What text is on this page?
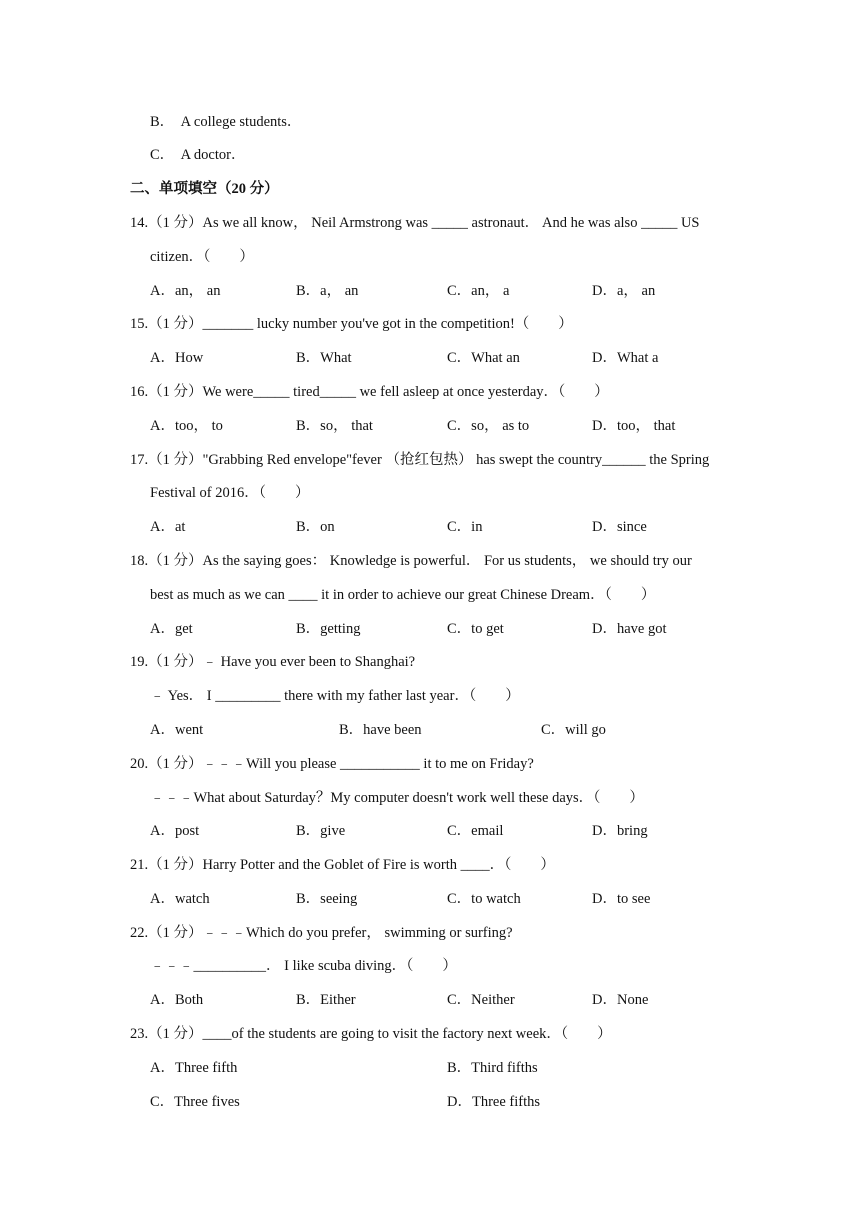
B．  A college students．
C．  A doctor．
二、单项填空（20 分）
14.（1 分）As we all know， Neil Armstrong was _____ astronaut． And he was also _____ US
citizen．（　　）
A．an， an	B．a， an	C．an， a	D．a， an
15.（1 分）_______ lucky number you've got in the competition!（　　）
A．How	B．What	C．What an	D．What a
16.（1 分）We were_____ tired_____ we fell asleep at once yesterday．（　　）
A．too， to	B．so， that	C．so， as to	D．too， that
17.（1 分）"Grabbing Red envelope"fever （抢红包热） has swept the country______ the Spring
Festival of 2016．（　　）
A．at	B．on	C．in	D．since
18.（1 分）As the saying goes： Knowledge is powerful． For us students， we should try our
best as much as we can ____ it in order to achieve our great Chinese Dream．（　　）
A．get	B．getting	C．to get	D．have got
19.（1 分）﹣ Have you ever been to Shanghai?
﹣ Yes． I _________ there with my father last year．（　　）
A．went	B．have been	C．will go
20.（1 分）﹣﹣﹣Will you please ___________ it to me on Friday?
﹣﹣﹣What about Saturday？My computer doesn't work well these days．（　　）
A．post	B．give	C．email	D．bring
21.（1 分）Harry Potter and the Goblet of Fire is worth ____．（　　）
A．watch	B．seeing	C．to watch	D．to see
22.（1 分）﹣﹣﹣Which do you prefer， swimming or surfing?
﹣﹣﹣__________． I like scuba diving．（　　）
A．Both	B．Either	C．Neither	D．None
23.（1 分）____of the students are going to visit the factory next week．（　　）
A．Three fifth	B．Third fifths
C．Three fives	D．Three fifths
